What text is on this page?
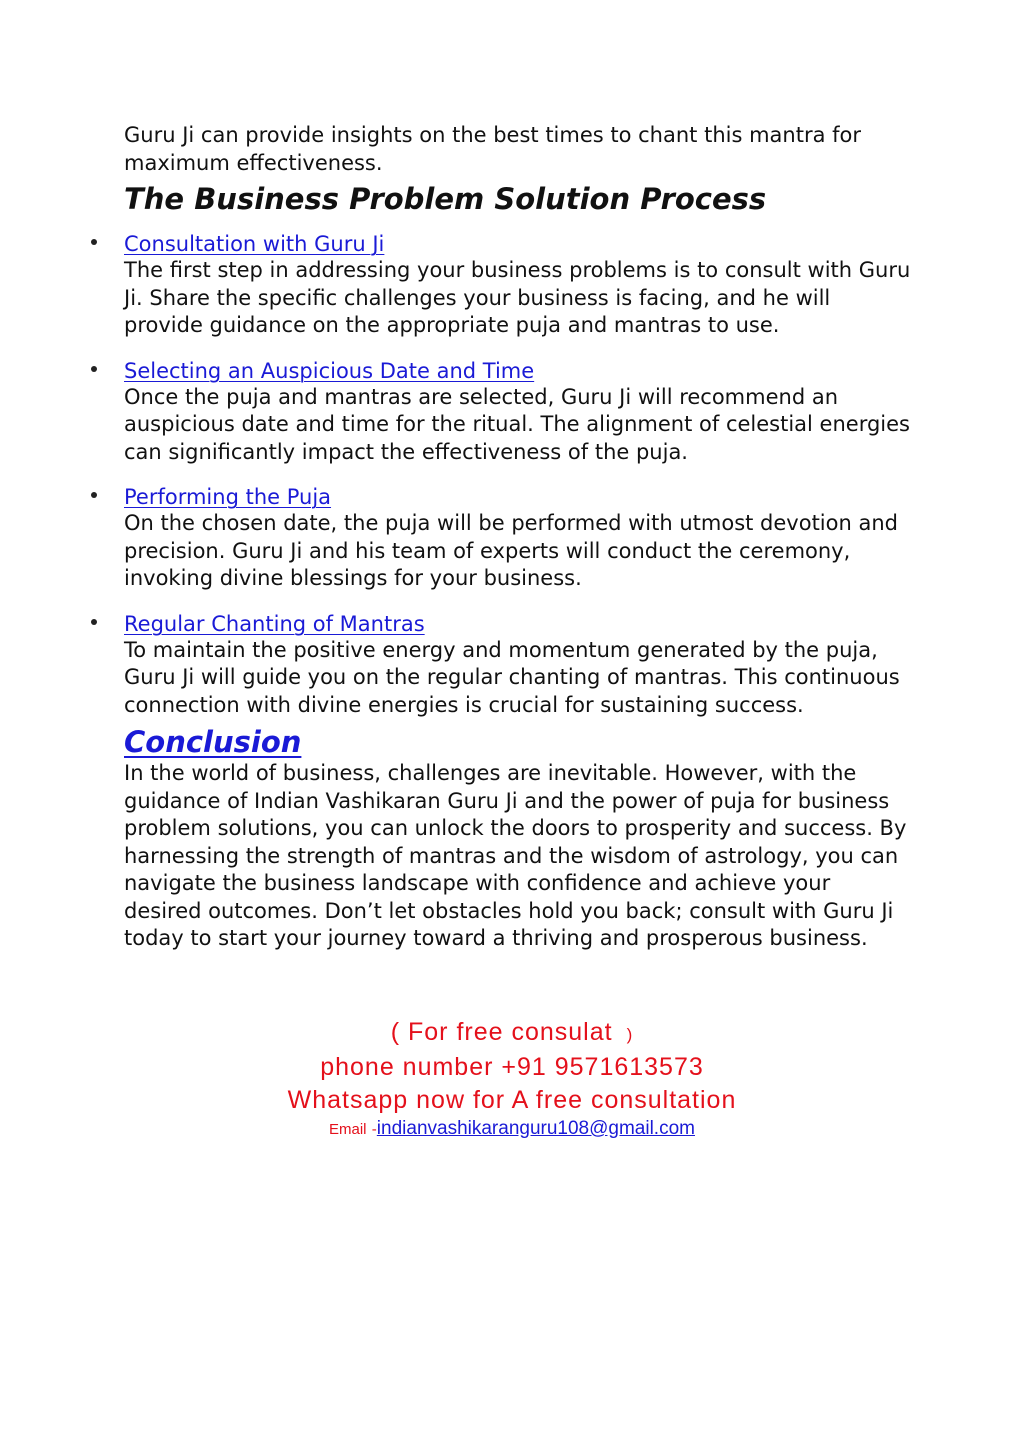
Guru Ji can provide insights on the best times to chant this mantra for maximum effectiveness.

The Business Problem Solution Process
Consultation with Guru Ji

The first step in addressing your business problems is to consult with Guru Ji. Share the specific challenges your business is facing, and he will provide guidance on the appropriate puja and mantras to use.

Selecting an Auspicious Date and Time

Once the puja and mantras are selected, Guru Ji will recommend an auspicious date and time for the ritual. The alignment of celestial energies can significantly impact the effectiveness of the puja.

Performing the Puja

On the chosen date, the puja will be performed with utmost devotion and precision. Guru Ji and his team of experts will conduct the ceremony, invoking divine blessings for your business.

Regular Chanting of Mantras

To maintain the positive energy and momentum generated by the puja, Guru Ji will guide you on the regular chanting of mantras. This continuous connection with divine energies is crucial for sustaining success.

Conclusion

In the world of business, challenges are inevitable. However, with the guidance of Indian Vashikaran Guru Ji and the power of puja for business problem solutions, you can unlock the doors to prosperity and success. By harnessing the strength of mantras and the wisdom of astrology, you can navigate the business landscape with confidence and achieve your desired outcomes. Don’t let obstacles hold you back; consult with Guru Ji today to start your journey toward a thriving and prosperous business.

( For free consulat )

phone number +91 9571613573

Whatsapp now for A free consultation

Email -indianvashikaranguru108@gmail.com
